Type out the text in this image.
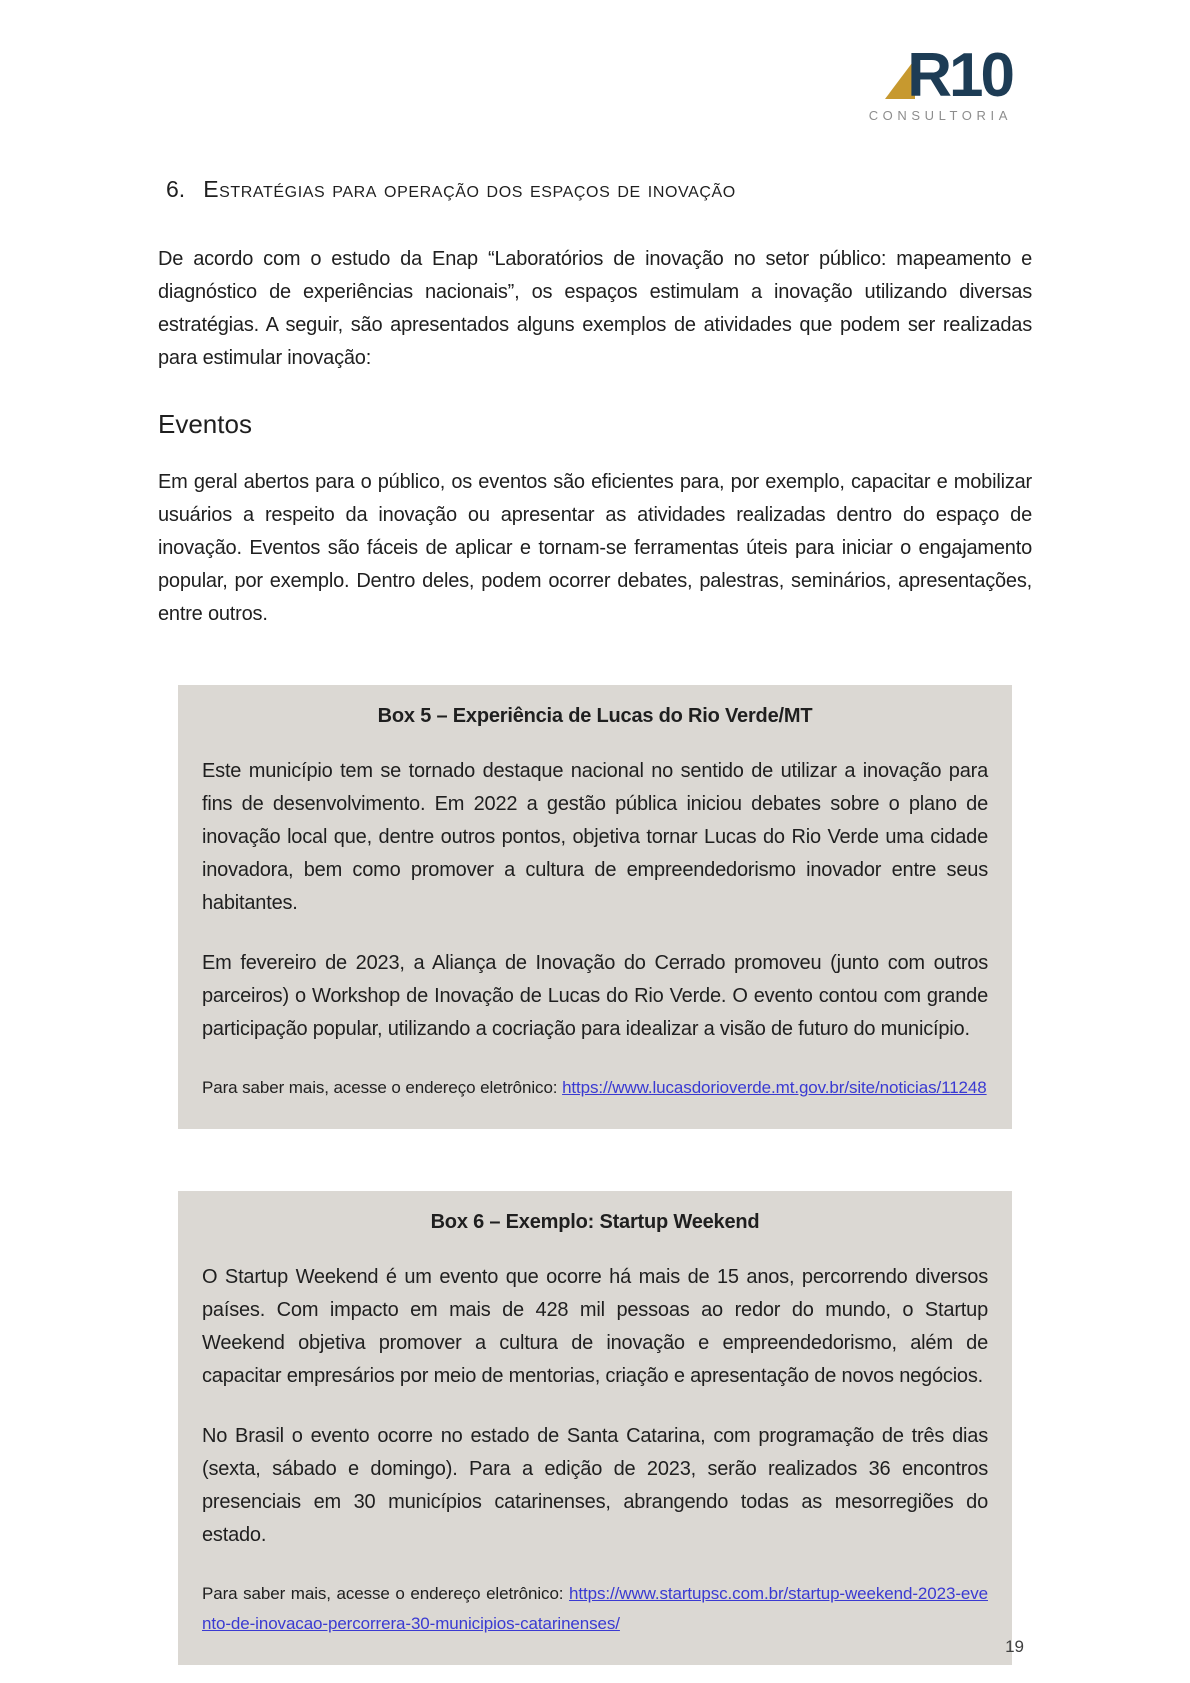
R10
CONSULTORIA
6. Estratégias para operação dos espaços de inovação

De acordo com o estudo da Enap “Laboratórios de inovação no setor público: mapeamento e diagnóstico de experiências nacionais”, os espaços estimulam a inovação utilizando diversas estratégias. A seguir, são apresentados alguns exemplos de atividades que podem ser realizadas para estimular inovação:

Eventos

Em geral abertos para o público, os eventos são eficientes para, por exemplo, capacitar e mobilizar usuários a respeito da inovação ou apresentar as atividades realizadas dentro do espaço de inovação. Eventos são fáceis de aplicar e tornam-se ferramentas úteis para iniciar o engajamento popular, por exemplo. Dentro deles, podem ocorrer debates, palestras, seminários, apresentações, entre outros.

Box 5 – Experiência de Lucas do Rio Verde/MT

Este município tem se tornado destaque nacional no sentido de utilizar a inovação para fins de desenvolvimento. Em 2022 a gestão pública iniciou debates sobre o plano de inovação local que, dentre outros pontos, objetiva tornar Lucas do Rio Verde uma cidade inovadora, bem como promover a cultura de empreendedorismo inovador entre seus habitantes.

Em fevereiro de 2023, a Aliança de Inovação do Cerrado promoveu (junto com outros parceiros) o Workshop de Inovação de Lucas do Rio Verde. O evento contou com grande participação popular, utilizando a cocriação para idealizar a visão de futuro do município.

Para saber mais, acesse o endereço eletrônico: https://www.lucasdorioverde.mt.gov.br/site/noticias/11248

Box 6 – Exemplo: Startup Weekend

O Startup Weekend é um evento que ocorre há mais de 15 anos, percorrendo diversos países. Com impacto em mais de 428 mil pessoas ao redor do mundo, o Startup Weekend objetiva promover a cultura de inovação e empreendedorismo, além de capacitar empresários por meio de mentorias, criação e apresentação de novos negócios.

No Brasil o evento ocorre no estado de Santa Catarina, com programação de três dias (sexta, sábado e domingo). Para a edição de 2023, serão realizados 36 encontros presenciais em 30 municípios catarinenses, abrangendo todas as mesorregiões do estado.

Para saber mais, acesse o endereço eletrônico: https://www.startupsc.com.br/startup-weekend-2023-evento-de-inovacao-percorrera-30-municipios-catarinenses/

19
